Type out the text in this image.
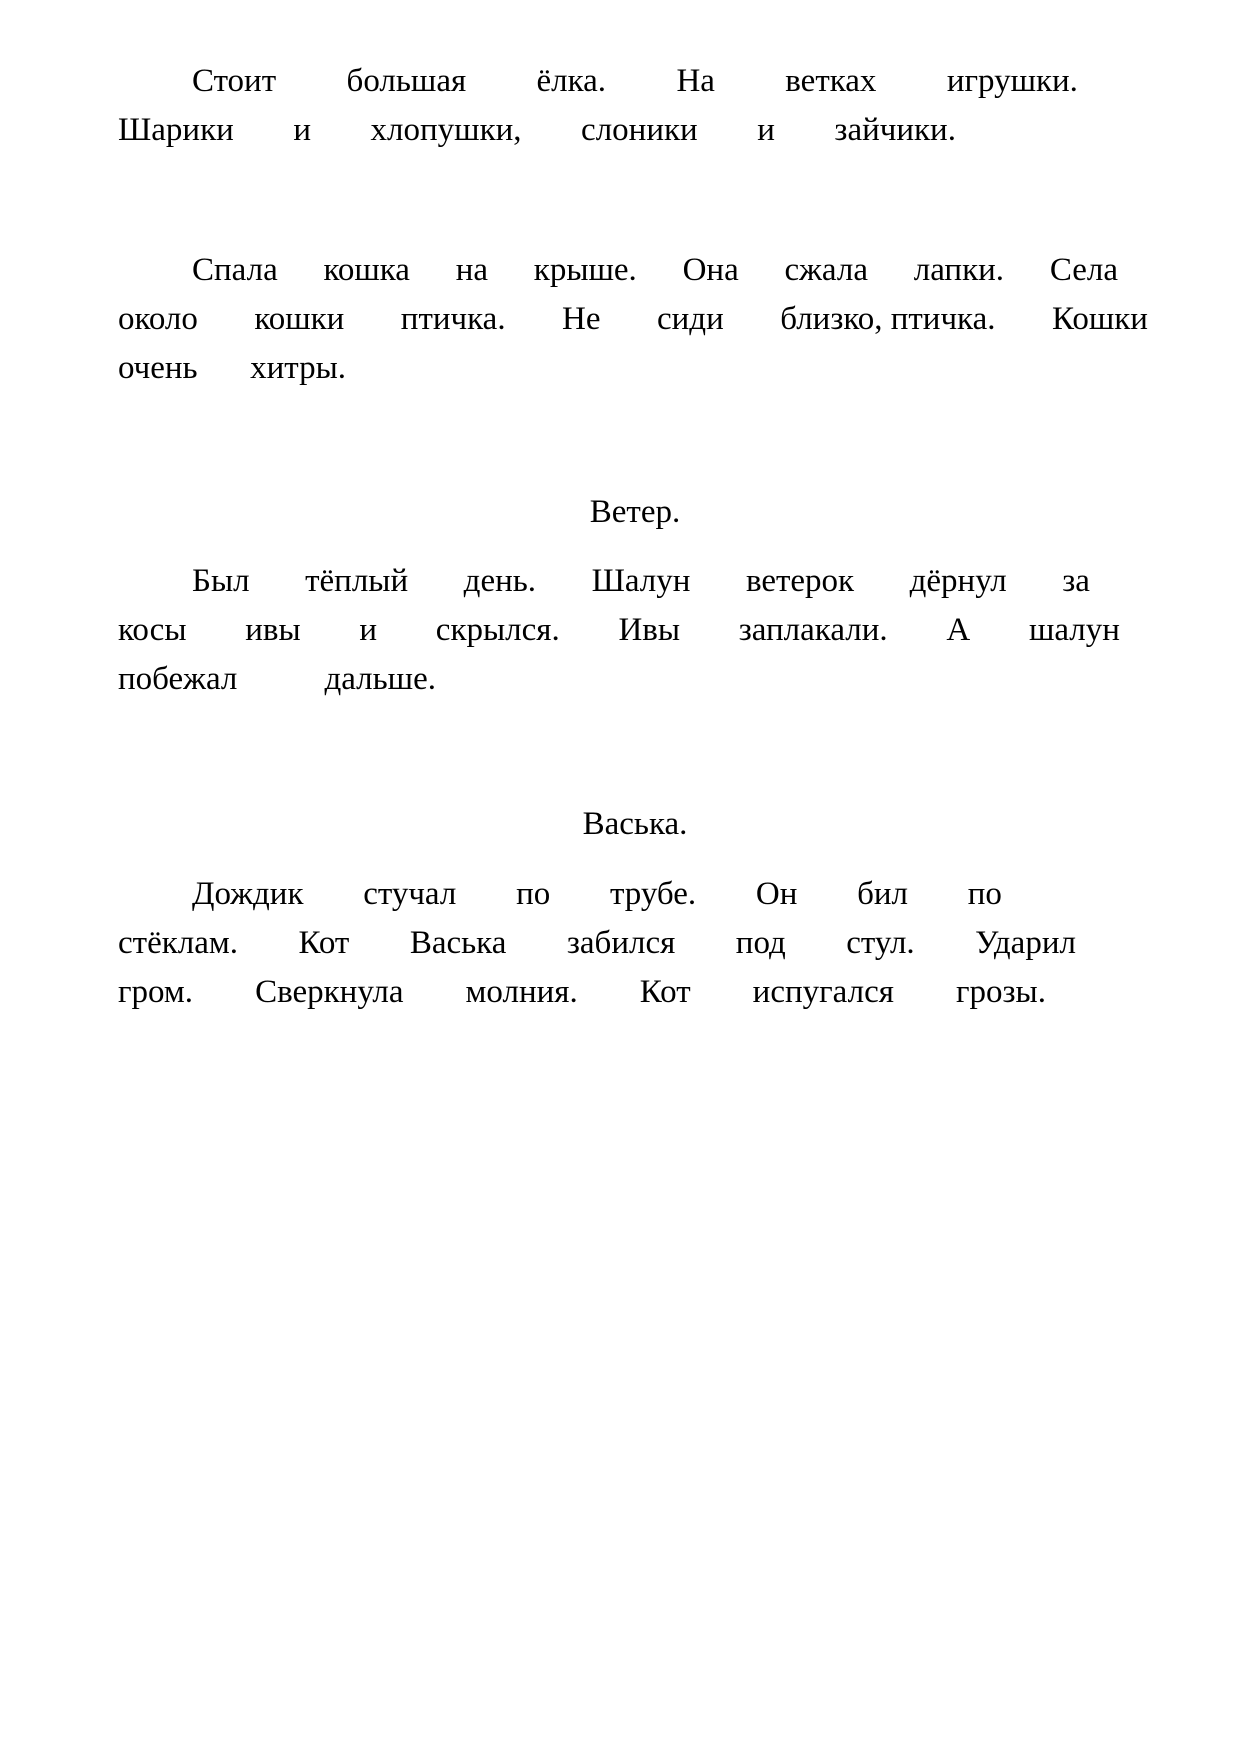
Стоит большая ёлка. На ветках игрушки.
Шарики и хлопушки, слоники и зайчики.
Спала кошка на крыше. Она сжала лапки. Села
около кошки птичка. Не сиди близко, птичка. Кошки
очень хитры.
Ветер.
Был тёплый день. Шалун ветерок дёрнул за
косы ивы и скрылся. Ивы заплакали. А шалун
побежал	дальше.
Васька.
Дождик стучал по трубе. Он бил по
стёклам. Кот Васька забился под стул. Ударил
гром. Сверкнула молния. Кот испугался грозы.
